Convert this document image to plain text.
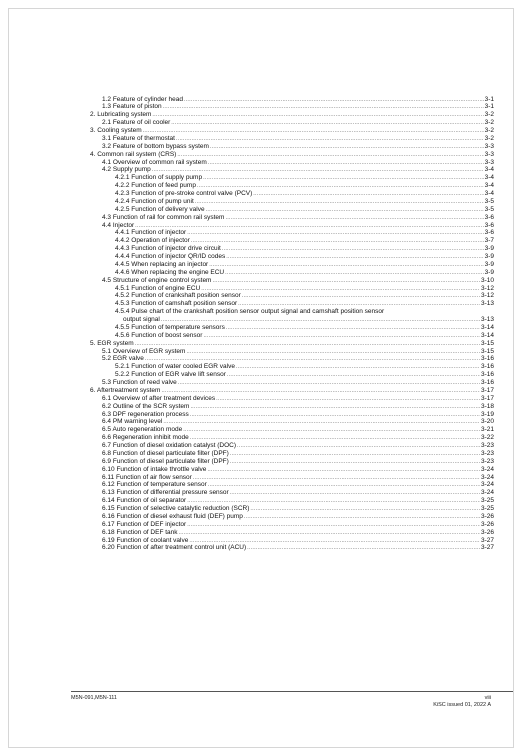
1.2 Feature of cylinder head .....	3-1
1.3 Feature of piston .....	3-1
2. Lubricating system .....	3-2
2.1 Feature of oil cooler .....	3-2
3. Cooling system .....	3-2
3.1 Feature of thermostat .....	3-2
3.2 Feature of bottom bypass system .....	3-3
4. Common rail system (CRS) .....	3-3
4.1 Overview of common rail system .....	3-3
4.2 Supply pump .....	3-4
4.2.1 Function of supply pump .....	3-4
4.2.2 Function of feed pump .....	3-4
4.2.3 Function of pre-stroke control valve (PCV) .....	3-4
4.2.4 Function of pump unit .....	3-5
4.2.5 Function of delivery valve .....	3-5
4.3 Function of rail for common rail system .....	3-6
4.4 Injector .....	3-6
4.4.1 Function of injector .....	3-6
4.4.2 Operation of injector .....	3-7
4.4.3 Function of injector drive circuit .....	3-9
4.4.4 Function of injector QR/ID codes .....	3-9
4.4.5 When replacing an injector .....	3-9
4.4.6 When replacing the engine ECU .....	3-9
4.5 Structure of engine control system .....	3-10
4.5.1 Function of engine ECU .....	3-12
4.5.2 Function of crankshaft position sensor .....	3-12
4.5.3 Function of camshaft position sensor .....	3-13
4.5.4 Pulse chart of the crankshaft position sensor output signal and camshaft position sensor
output signal .....	3-13
4.5.5 Function of temperature sensors .....	3-14
4.5.6 Function of boost sensor .....	3-14
5. EGR system .....	3-15
5.1 Overview of EGR system .....	3-15
5.2 EGR valve .....	3-16
5.2.1 Function of water cooled EGR valve .....	3-16
5.2.2 Function of EGR valve lift sensor .....	3-16
5.3 Function of reed valve .....	3-16
6. Aftertreatment system .....	3-17
6.1 Overview of after treatment devices .....	3-17
6.2 Outline of the SCR system .....	3-18
6.3 DPF regeneration process .....	3-19
6.4 PM warning level .....	3-20
6.5 Auto regeneration mode .....	3-21
6.6 Regeneration inhibit mode .....	3-22
6.7 Function of diesel oxidation catalyst (DOC) .....	3-23
6.8 Function of diesel particulate filter (DPF) .....	3-23
6.9 Function of diesel particulate filter (DPF) .....	3-23
6.10 Function of intake throttle valve .....	3-24
6.11 Function of air flow sensor .....	3-24
6.12 Function of temperature sensor .....	3-24
6.13 Function of differential pressure sensor .....	3-24
6.14 Function of oil separator .....	3-25
6.15 Function of selective catalytic reduction (SCR) .....	3-25
6.16 Function of diesel exhaust fluid (DEF) pump .....	3-26
6.17 Function of DEF injector .....	3-26
6.18 Function of DEF tank .....	3-26
6.19 Function of coolant valve .....	3-27
6.20 Function of after treatment control unit (ACU) .....	3-27
M5N-091,M5N-111	viii
KiSC issued 01, 2022 A
